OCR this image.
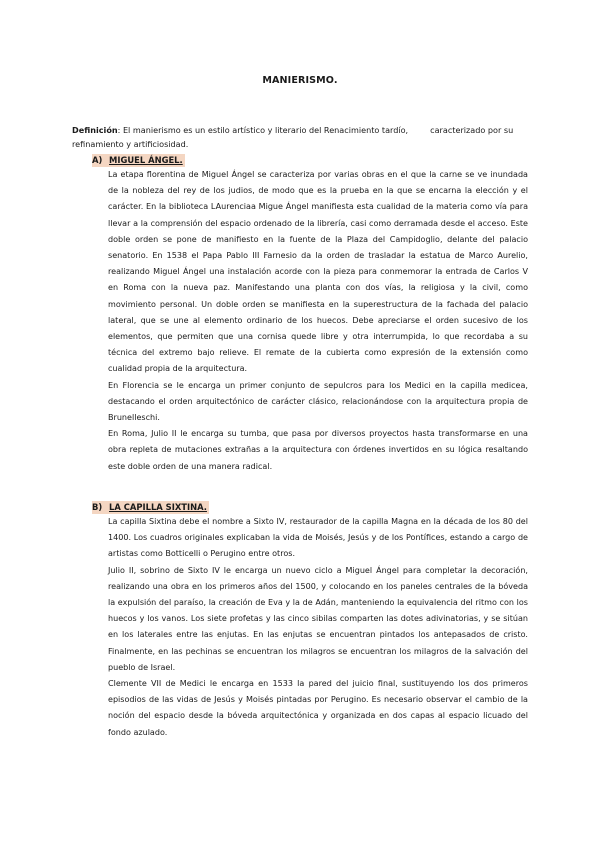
MANIERISMO.
Definición: El manierismo es un estilo artístico y literario del Renacimiento tardío,	caracterizado por su refinamiento y artificiosidad.
A) MIGUEL ÁNGEL.

La etapa florentina de Miguel Ángel se caracteriza por varias obras en el que la carne se ve inundada de la nobleza del rey de los judios, de modo que es la prueba en la que se encarna la elección y el carácter. En la biblioteca LAurenciaa Migue Ángel manifiesta esta cualidad de la materia como vía para llevar a la comprensión del espacio ordenado de la librería, casi como derramada desde el acceso. Este doble orden se pone de manifiesto en la fuente de la Plaza del Campidoglio, delante del palacio senatorio. En 1538 el Papa Pablo III Farnesio da la orden de trasladar la estatua de Marco Aurelio, realizando Miguel Ángel una instalación acorde con la pieza para conmemorar la entrada de Carlos V en Roma con la nueva paz. Manifestando una planta con dos vías, la religiosa y la civil, como movimiento personal. Un doble orden se manifiesta en la superestructura de la fachada del palacio lateral, que se une al elemento ordinario de los huecos. Debe apreciarse el orden sucesivo de los elementos, que permiten que una cornisa quede libre y otra interrumpida, lo que recordaba a su técnica del extremo bajo relieve. El remate de la cubierta como expresión de la extensión como cualidad propia de la arquitectura.

En Florencia se le encarga un primer conjunto de sepulcros para los Medici en la capilla medicea, destacando el orden arquitectónico de carácter clásico, relacionándose con la arquitectura propia de Brunelleschi.

En Roma, Julio II le encarga su tumba, que pasa por diversos proyectos hasta transformarse en una obra repleta de mutaciones extrañas a la arquitectura con órdenes invertidos en su lógica resaltando este doble orden de una manera radical.

B) LA CAPILLA SIXTINA.

La capilla Sixtina debe el nombre a Sixto IV, restaurador de la capilla Magna en la década de los 80 del 1400. Los cuadros originales explicaban la vida de Moisés, Jesús y de los Pontífices, estando a cargo de artistas como Botticelli o Perugino entre otros.

Julio II, sobrino de Sixto IV le encarga un nuevo ciclo a Miguel Ángel para completar la decoración, realizando una obra en los primeros años del 1500, y colocando en los paneles centrales de la bóveda la expulsión del paraíso, la creación de Eva y la de Adán, manteniendo la equivalencia del ritmo con los huecos y los vanos. Los siete profetas y las cinco sibilas comparten las dotes adivinatorias, y se sitúan en los laterales entre las enjutas. En las enjutas se encuentran pintados los antepasados de cristo. Finalmente, en las pechinas se encuentran los milagros se encuentran los milagros de la salvación del pueblo de Israel.

Clemente VII de Medici le encarga en 1533 la pared del juicio final, sustituyendo los dos primeros episodios de las vidas de Jesús y Moisés pintadas por Perugino. Es necesario observar el cambio de la noción del espacio desde la bóveda arquitectónica y organizada en dos capas al espacio licuado del fondo azulado.
